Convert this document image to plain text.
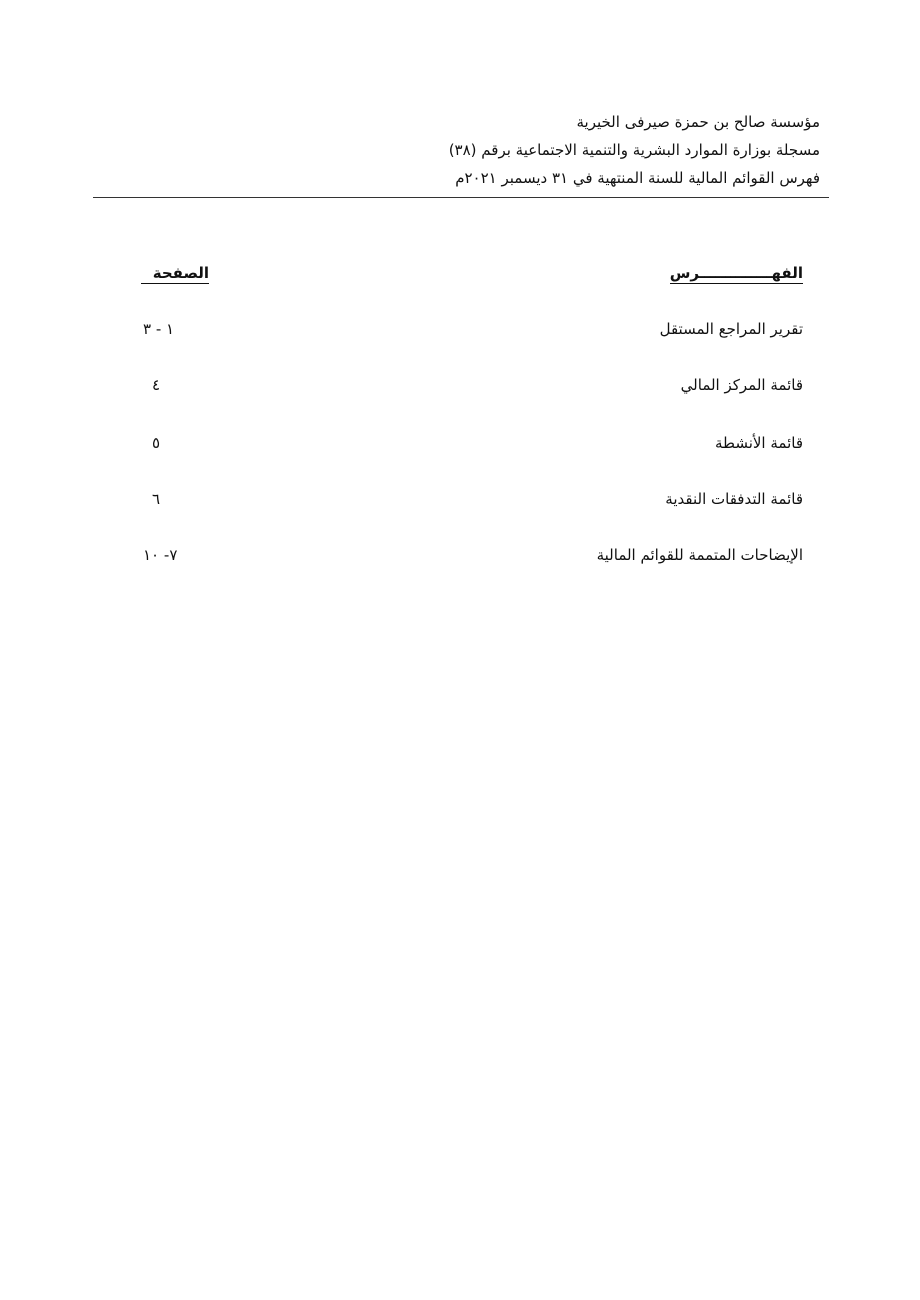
مؤسسة صالح بن حمزة صيرفى الخيرية
مسجلة بوزارة الموارد البشرية والتنمية الاجتماعية برقم (٣٨)
فهرس القوائم المالية للسنة المنتهية في ٣١ ديسمبر ٢٠٢١م
الفهــــــــــــــرس
الصفحة
تقرير المراجع المستقل
١ - ٣
قائمة المركز المالي
٤
قائمة الأنشطة
٥
قائمة التدفقات النقدية
٦
الإيضاحات المتممة للقوائم المالية
٧- ١٠
